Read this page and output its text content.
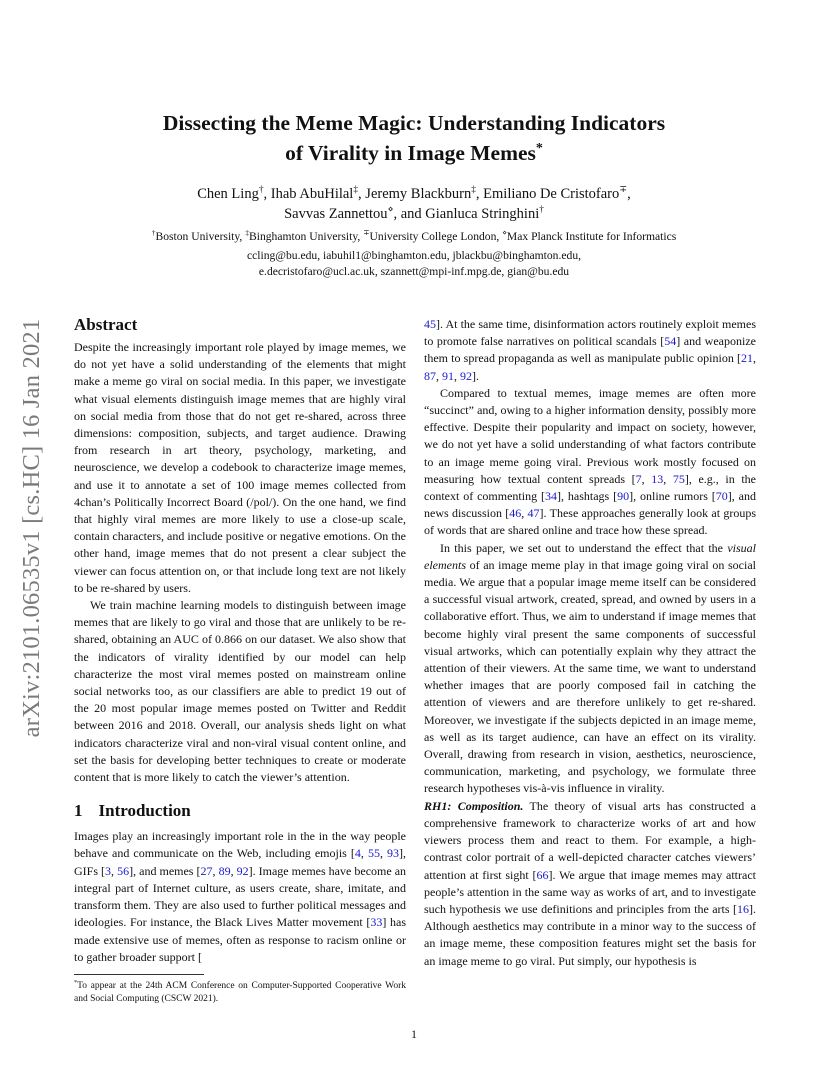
arXiv:2101.06535v1 [cs.HC] 16 Jan 2021
Dissecting the Meme Magic: Understanding Indicators
of Virality in Image Memes*
Chen Ling†, Ihab AbuHilal‡, Jeremy Blackburn‡, Emiliano De Cristofaro∓,
Savvas Zannettou⋄, and Gianluca Stringhini†
†Boston University, ‡Binghamton University, ∓University College London, ⋄Max Planck Institute for Informatics
ccling@bu.edu, iabuhil1@binghamton.edu, jblackbu@binghamton.edu,
e.decristofaro@ucl.ac.uk, szannett@mpi-inf.mpg.de, gian@bu.edu
Abstract

Despite the increasingly important role played by image memes, we do not yet have a solid understanding of the elements that might make a meme go viral on social media. In this paper, we investigate what visual elements distinguish image memes that are highly viral on social media from those that do not get re-shared, across three dimensions: composition, subjects, and target audience. Drawing from research in art theory, psychology, marketing, and neuroscience, we develop a codebook to characterize image memes, and use it to annotate a set of 100 image memes collected from 4chan’s Politically Incorrect Board (/pol/). On the one hand, we find that highly viral memes are more likely to use a close-up scale, contain characters, and include positive or negative emotions. On the other hand, image memes that do not present a clear subject the viewer can focus attention on, or that include long text are not likely to be re-shared by users.

We train machine learning models to distinguish between image memes that are likely to go viral and those that are unlikely to be re-shared, obtaining an AUC of 0.866 on our dataset. We also show that the indicators of virality identified by our model can help characterize the most viral memes posted on mainstream online social networks too, as our classifiers are able to predict 19 out of the 20 most popular image memes posted on Twitter and Reddit between 2016 and 2018. Overall, our analysis sheds light on what indicators characterize viral and non-viral visual content online, and set the basis for developing better techniques to create or moderate content that is more likely to catch the viewer’s attention.

1 Introduction

Images play an increasingly important role in the in the way people behave and communicate on the Web, including emojis [4, 55, 93], GIFs [3, 56], and memes [27, 89, 92]. Image memes have become an integral part of Internet culture, as users create, share, imitate, and transform them. They are also used to further political messages and ideologies. For instance, the Black Lives Matter movement [33] has made extensive use of memes, often as response to racism online or to gather broader support [

45]. At the same time, disinformation actors routinely exploit memes to promote false narratives on political scandals [54] and weaponize them to spread propaganda as well as manipulate public opinion [21, 87, 91, 92].

Compared to textual memes, image memes are often more “succinct” and, owing to a higher information density, possibly more effective. Despite their popularity and impact on society, however, we do not yet have a solid understanding of what factors contribute to an image meme going viral. Previous work mostly focused on measuring how textual content spreads [7, 13, 75], e.g., in the context of commenting [34], hashtags [90], online rumors [70], and news discussion [46, 47]. These approaches generally look at groups of words that are shared online and trace how these spread.

In this paper, we set out to understand the effect that the visual elements of an image meme play in that image going viral on social media. We argue that a popular image meme itself can be considered a successful visual artwork, created, spread, and owned by users in a collaborative effort. Thus, we aim to understand if image memes that become highly viral present the same components of successful visual artworks, which can potentially explain why they attract the attention of their viewers. At the same time, we want to understand whether images that are poorly composed fail in catching the attention of viewers and are therefore unlikely to get re-shared. Moreover, we investigate if the subjects depicted in an image meme, as well as its target audience, can have an effect on its virality. Overall, drawing from research in vision, aesthetics, neuroscience, communication, marketing, and psychology, we formulate three research hypotheses vis-à-vis influence in virality.

RH1: Composition. The theory of visual arts has constructed a comprehensive framework to characterize works of art and how viewers process them and react to them. For example, a high-contrast color portrait of a well-depicted character catches viewers’ attention at first sight [66]. We argue that image memes may attract people’s attention in the same way as works of art, and to investigate such hypothesis we use definitions and principles from the arts [16]. Although aesthetics may contribute in a minor way to the success of an image meme, these composition features might set the basis for an image meme to go viral. Put simply, our hypothesis is

*To appear at the 24th ACM Conference on Computer-Supported Cooperative Work and Social Computing (CSCW 2021).
1
